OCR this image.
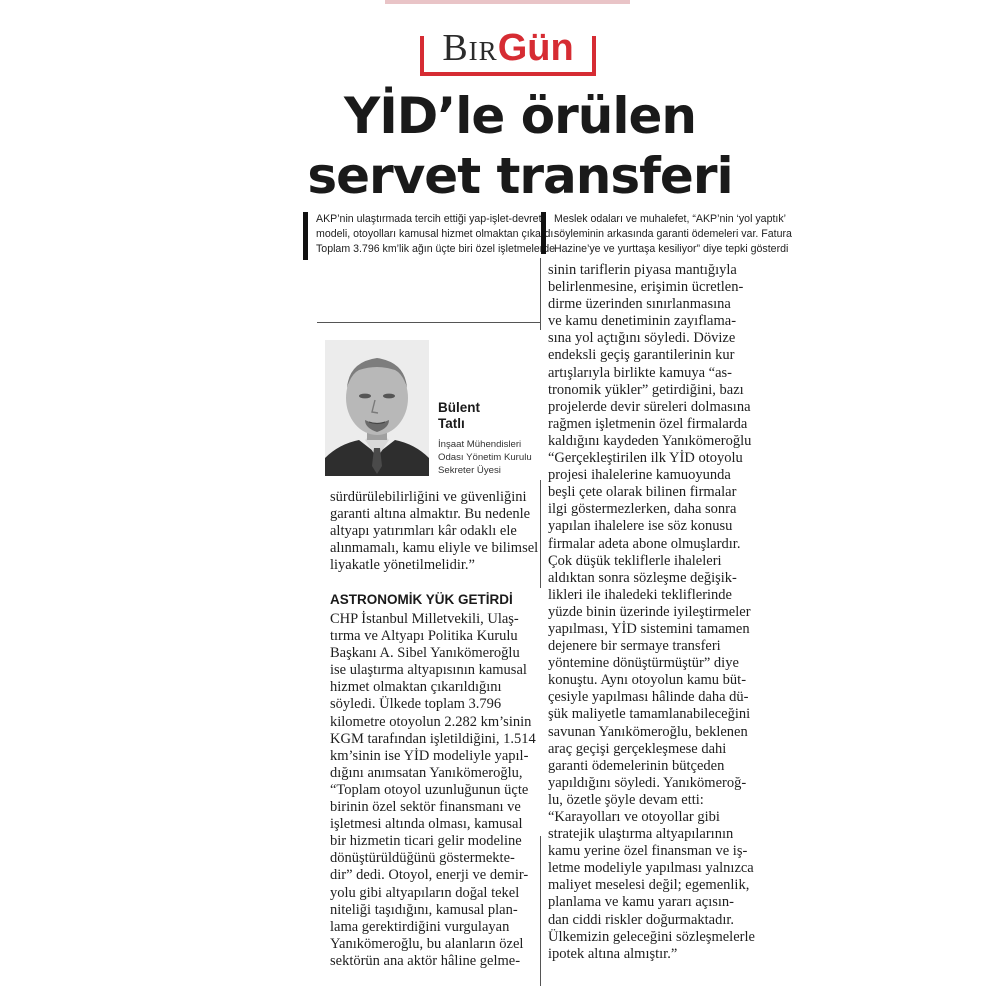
BirGün
YİD’le örülen
servet transferi
AKP’nin ulaştırmada tercih ettiği yap-işlet-devret
modeli, otoyolları kamusal hizmet olmaktan çıkardı.
Toplam 3.796 km’lik ağın üçte biri özel işletmelerde
Meslek odaları ve muhalefet, “AKP’nin ‘yol yaptık’
söyleminin arkasında garanti ödemeleri var. Fatura
Hazine’ye ve yurttaşa kesiliyor” diye tepki gösterdi
Bülent
Tatlı
İnşaat Mühendisleri
Odası Yönetim Kurulu
Sekreter Üyesi
sürdürülebilirliğini ve güvenliğini
garanti altına almaktır. Bu nedenle
altyapı yatırımları kâr odaklı ele
alınmamalı, kamu eliyle ve bilimsel
liyakatle yönetilmelidir.”
ASTRONOMİK YÜK GETİRDİ
CHP İstanbul Milletvekili, Ulaş-
tırma ve Altyapı Politika Kurulu
Başkanı A. Sibel Yanıkömeroğlu
ise ulaştırma altyapısının kamusal
hizmet olmaktan çıkarıldığını
söyledi. Ülkede toplam 3.796
kilometre otoyolun 2.282 km’sinin
KGM tarafından işletildiğini, 1.514
km’sinin ise YİD modeliyle yapıl-
dığını anımsatan Yanıkömeroğlu,
“Toplam otoyol uzunluğunun üçte
birinin özel sektör finansmanı ve
işletmesi altında olması, kamusal
bir hizmetin ticari gelir modeline
dönüştürüldüğünü göstermekte-
dir” dedi. Otoyol, enerji ve demir-
yolu gibi altyapıların doğal tekel
niteliği taşıdığını, kamusal plan-
lama gerektirdiğini vurgulayan
Yanıkömeroğlu, bu alanların özel
sektörün ana aktör hâline gelme-
sinin tariflerin piyasa mantığıyla
belirlenmesine, erişimin ücretlen-
dirme üzerinden sınırlanmasına
ve kamu denetiminin zayıflama-
sına yol açtığını söyledi. Dövize
endeksli geçiş garantilerinin kur
artışlarıyla birlikte kamuya “as-
tronomik yükler” getirdiğini, bazı
projelerde devir süreleri dolmasına
rağmen işletmenin özel firmalarda
kaldığını kaydeden Yanıkömeroğlu
“Gerçekleştirilen ilk YİD otoyolu
projesi ihalelerine kamuoyunda
beşli çete olarak bilinen firmalar
ilgi göstermezlerken, daha sonra
yapılan ihalelere ise söz konusu
firmalar adeta abone olmuşlardır.
Çok düşük tekliflerle ihaleleri
aldıktan sonra sözleşme değişik-
likleri ile ihaledeki tekliflerinde
yüzde binin üzerinde iyileştirmeler
yapılması, YİD sistemini tamamen
dejenere bir sermaye transferi
yöntemine dönüştürmüştür” diye
konuştu. Aynı otoyolun kamu büt-
çesiyle yapılması hâlinde daha dü-
şük maliyetle tamamlanabileceğini
savunan Yanıkömeroğlu, beklenen
araç geçişi gerçekleşmese dahi
garanti ödemelerinin bütçeden
yapıldığını söyledi. Yanıkömeroğ-
lu, özetle şöyle devam etti:
“Karayolları ve otoyollar gibi
stratejik ulaştırma altyapılarının
kamu yerine özel finansman ve iş-
letme modeliyle yapılması yalnızca
maliyet meselesi değil; egemenlik,
planlama ve kamu yararı açısın-
dan ciddi riskler doğurmaktadır.
Ülkemizin geleceğini sözleşmelerle
ipotek altına almıştır.”
